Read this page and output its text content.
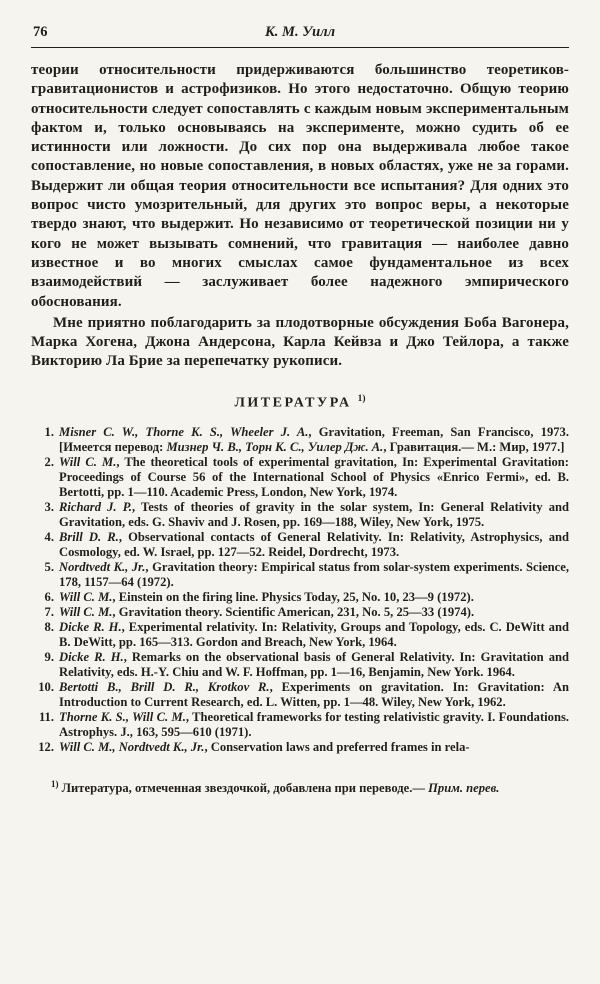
76	К. М. Уилл

теории относительности придерживаются большинство теоретиков-гравитационистов и астрофизиков. Но этого недостаточно. Общую теорию относительности следует сопоставлять с каждым новым экспериментальным фактом и, только основываясь на эксперименте, можно судить об ее истинности или ложности. До сих пор она выдерживала любое такое сопоставление, но новые сопоставления, в новых областях, уже не за горами. Выдержит ли общая теория относительности все испытания? Для одних это вопрос чисто умозрительный, для других это вопрос веры, а некоторые твердо знают, что выдержит. Но независимо от теоретической позиции ни у кого не может вызывать сомнений, что гравитация — наиболее давно известное и во многих смыслах самое фундаментальное из всех взаимодействий — заслуживает более надежного эмпирического обоснования.

Мне приятно поблагодарить за плодотворные обсуждения Боба Вагонера, Марка Хогена, Джона Андерсона, Карла Кейвза и Джо Тейлора, а также Викторию Ла Брие за перепечатку рукописи.

ЛИТЕРАТУРА $^{1)}$
1. Misner C. W., Thorne K. S., Wheeler J. A., Gravitation, Freeman, San Francisco, 1973. [Имеется перевод: Мизнер Ч. В., Торн К. С., Уилер Дж. А., Гравитация.— М.: Мир, 1977.]
2. Will C. M., The theoretical tools of experimental gravitation, In: Experimental Gravitation: Proceedings of Course 56 of the International School of Physics «Enrico Fermi», ed. B. Bertotti, pp. 1—110. Academic Press, London, New York, 1974.
3. Richard J. P., Tests of theories of gravity in the solar system, In: General Relativity and Gravitation, eds. G. Shaviv and J. Rosen, pp. 169—188, Wiley, New York, 1975.
4. Brill D. R., Observational contacts of General Relativity. In: Relativity, Astrophysics, and Cosmology, ed. W. Israel, pp. 127—52. Reidel, Dordrecht, 1973.
5. Nordtvedt K., Jr., Gravitation theory: Empirical status from solar-system experiments. Science, 178, 1157—64 (1972).
6. Will C. M., Einstein on the firing line. Physics Today, 25, No. 10, 23—9 (1972).
7. Will C. M., Gravitation theory. Scientific American, 231, No. 5, 25—33 (1974).
8. Dicke R. H., Experimental relativity. In: Relativity, Groups and Topology, eds. C. DeWitt and B. DeWitt, pp. 165—313. Gordon and Breach, New York, 1964.
9. Dicke R. H., Remarks on the observational basis of General Relativity. In: Gravitation and Relativity, eds. H.-Y. Chiu and W. F. Hoffman, pp. 1—16, Benjamin, New York. 1964.
10. Bertotti B., Brill D. R., Krotkov R., Experiments on gravitation. In: Gravitation: An Introduction to Current Research, ed. L. Witten, pp. 1—48. Wiley, New York, 1962.
11. Thorne K. S., Will C. M., Theoretical frameworks for testing relativistic gravity. I. Foundations. Astrophys. J., 163, 595—610 (1971).
12. Will C. M., Nordtvedt K., Jr., Conservation laws and preferred frames in rela-
$^{1)}$ Литература, отмеченная звездочкой, добавлена при переводе.— Прим. перев.
